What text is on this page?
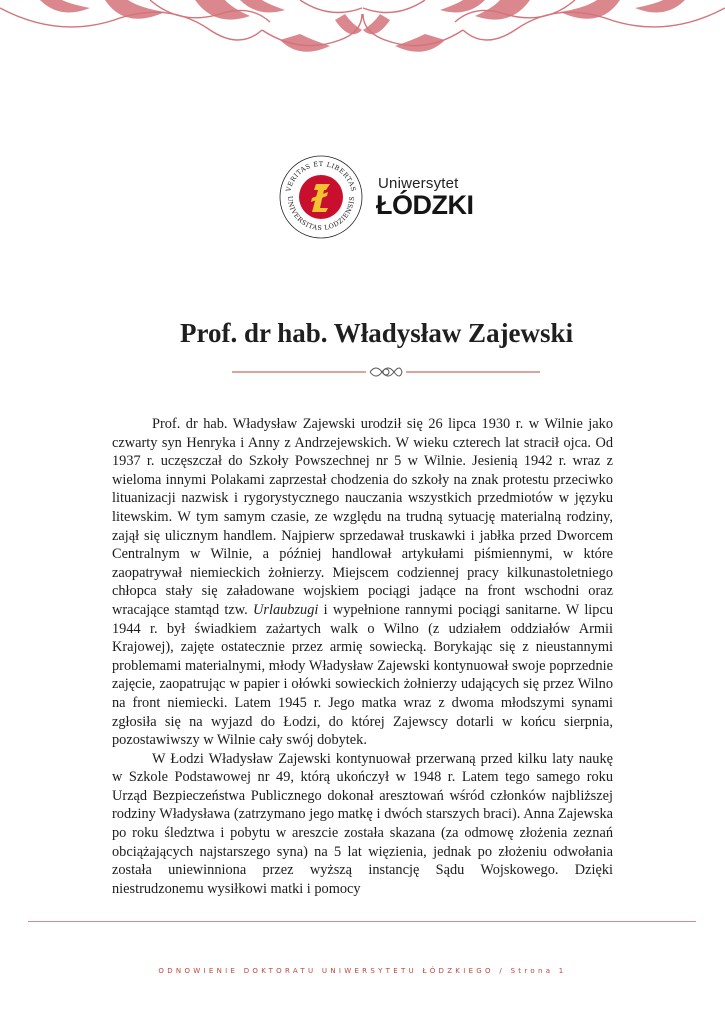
VERITAS ET LIBERTAS
UNIVERSITAS LODZIENSIS
Uniwersytet
ŁÓDZKI
Prof. dr hab. Władysław Zajewski

Prof. dr hab. Władysław Zajewski urodził się 26 lipca 1930 r. w Wilnie jako czwarty syn Henryka i Anny z Andrzejewskich. W wieku czterech lat stracił ojca. Od 1937 r. uczęszczał do Szkoły Powszechnej nr 5 w Wilnie. Jesienią 1942 r. wraz z wieloma innymi Polakami zaprzestał chodzenia do szkoły na znak protestu przeciwko lituanizacji nazwisk i rygorystycznego nauczania wszystkich przedmiotów w języku litewskim. W tym samym czasie, ze względu na trudną sytuację materialną rodziny, zajął się ulicznym handlem. Najpierw sprzedawał truskawki i jabłka przed Dworcem Centralnym w Wilnie, a później handlował artykułami piśmiennymi, w które zaopatrywał niemieckich żołnierzy. Miejscem codziennej pracy kilkunastoletniego chłopca stały się załadowane wojskiem pociągi jadące na front wschodni oraz wracające stamtąd tzw. Urlaubzugi i wypełnione rannymi pociągi sanitarne. W lipcu 1944 r. był świadkiem zażartych walk o Wilno (z udziałem oddziałów Armii Krajowej), zajęte ostatecznie przez armię sowiecką. Borykając się z nieustannymi problemami materialnymi, młody Władysław Zajewski kontynuował swoje poprzednie zajęcie, zaopatrując w papier i ołówki sowieckich żołnierzy udających się przez Wilno na front niemiecki. Latem 1945 r. Jego matka wraz z dwoma młodszymi synami zgłosiła się na wyjazd do Łodzi, do której Zajewscy dotarli w końcu sierpnia, pozostawiwszy w Wilnie cały swój dobytek.

W Łodzi Władysław Zajewski kontynuował przerwaną przed kilku laty naukę w Szkole Podstawowej nr 49, którą ukończył w 1948 r. Latem tego samego roku Urząd Bezpieczeństwa Publicznego dokonał aresztowań wśród członków najbliższej rodziny Władysława (zatrzymano jego matkę i dwóch starszych braci). Anna Zajewska po roku śledztwa i pobytu w areszcie została skazana (za odmowę złożenia zeznań obciążających najstarszego syna) na 5 lat więzienia, jednak po złożeniu odwołania została uniewinniona przez wyższą instancję Sądu Wojskowego. Dzięki niestrudzonemu wysiłkowi matki i pomocy

ODNOWIENIE DOKTORATU UNIWERSYTETU ŁÓDZKIEGO / Strona 1
